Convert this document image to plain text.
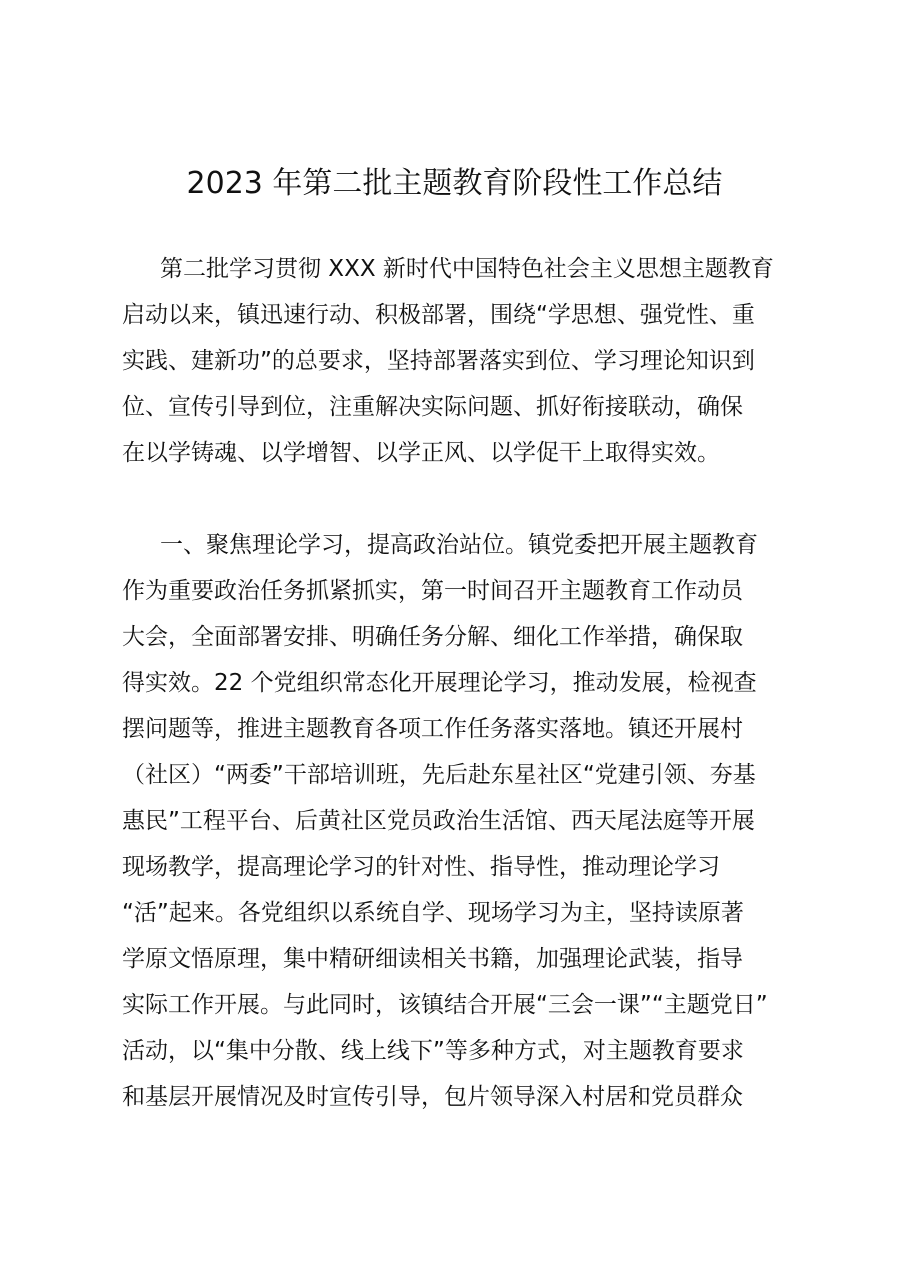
2023 年第二批主题教育阶段性工作总结
第二批学习贯彻 XXX 新时代中国特色社会主义思想主题教育
启动以来，镇迅速行动、积极部署，围绕“学思想、强党性、重
实践、建新功”的总要求，坚持部署落实到位、学习理论知识到
位、宣传引导到位，注重解决实际问题、抓好衔接联动，确保
在以学铸魂、以学增智、以学正风、以学促干上取得实效。
一、聚焦理论学习，提高政治站位。镇党委把开展主题教育
作为重要政治任务抓紧抓实，第一时间召开主题教育工作动员
大会，全面部署安排、明确任务分解、细化工作举措，确保取
得实效。22 个党组织常态化开展理论学习，推动发展，检视查
摆问题等，推进主题教育各项工作任务落实落地。镇还开展村
（社区）“两委”干部培训班，先后赴东星社区“党建引领、夯基
惠民”工程平台、后黄社区党员政治生活馆、西天尾法庭等开展
现场教学，提高理论学习的针对性、指导性，推动理论学习
“活”起来。各党组织以系统自学、现场学习为主，坚持读原著
学原文悟原理，集中精研细读相关书籍，加强理论武装，指导
实际工作开展。与此同时，该镇结合开展“三会一课”“主题党日”
活动，以“集中分散、线上线下”等多种方式，对主题教育要求
和基层开展情况及时宣传引导，包片领导深入村居和党员群众
